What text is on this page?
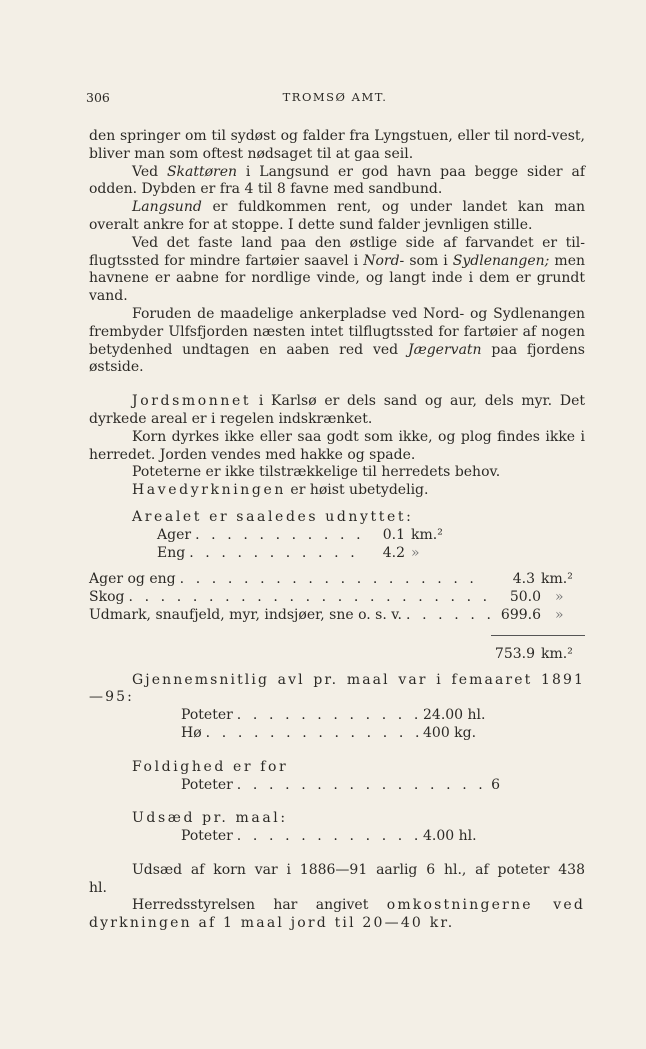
306	TROMSØ AMT.

den springer om til sydøst og falder fra Lyngstuen, eller til nord-vest, bliver man som oftest nødsaget til at gaa seil.

Ved Skattøren i Langsund er god havn paa begge sider af odden. Dybden er fra 4 til 8 favne med sandbund.

Langsund er fuldkommen rent, og under landet kan man overalt ankre for at stoppe. I dette sund falder jevnligen stille.

Ved det faste land paa den østlige side af farvandet er til-flugtssted for mindre fartøier saavel i Nord- som i Sydlenangen; men havnene er aabne for nordlige vinde, og langt inde i dem er grundt vand.

Foruden de maadelige ankerpladse ved Nord- og Sydlenangen frembyder Ulfsfjorden næsten intet tilflugtssted for fartøier af nogen betydenhed undtagen en aaben red ved Jægervatn paa fjordens østside.

Jordsmonnet i Karlsø er dels sand og aur, dels myr. Det dyrkede areal er i regelen indskrænket.

Korn dyrkes ikke eller saa godt som ikke, og plog findes ikke i herredet. Jorden vendes med hakke og spade.

Poteterne er ikke tilstrækkelige til herredets behov.

Havedyrkningen er høist ubetydelig.

Arealet er saaledes udnyttet:

Ager . . .	0.1 km.²
Eng . . .	4.2 »
Ager og eng . . .	4.3 km.²
Skog . . .	50.0	»
Udmark, snaufjeld, myr, indsjøer, sne o. s. v. . . .	699.6	»
753.9 km.²

Gjennemsnitlig avl pr. maal var i femaaret 1891—95:

Poteter . . .	24.00 hl.
Hø . . .	400 kg.

Foldighed er for

Poteter . . .	6

Udsæd pr. maal:

Poteter . . .	4.00 hl.

Udsæd af korn var i 1886—91 aarlig 6 hl., af poteter 438 hl.

Herredsstyrelsen har angivet omkostningerne ved dyrkningen af 1 maal jord til 20—40 kr.
